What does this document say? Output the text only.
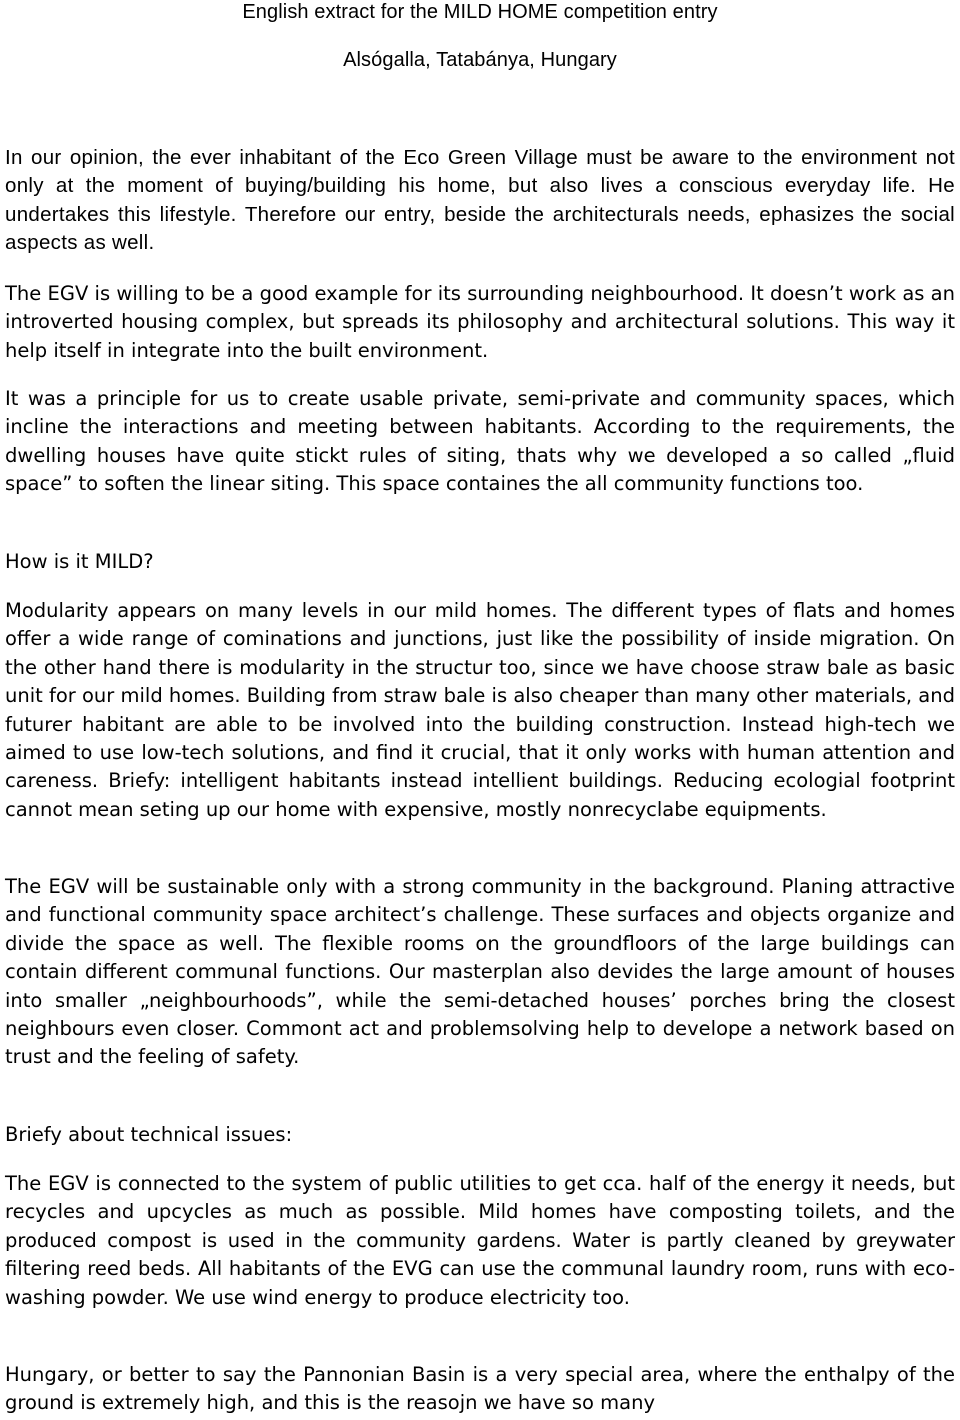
English extract for the MILD HOME competition entry
Alsógalla, Tatabánya, Hungary

In our opinion, the ever inhabitant of the Eco Green Village must be aware to the environment not only at the moment of buying/building his home, but also lives a conscious everyday life. He undertakes this lifestyle. Therefore our entry, beside the architecturals needs, ephasizes the social aspects as well.

The EGV is willing to be a good example for its surrounding neighbourhood. It doesn’t work as an introverted housing complex, but spreads its philosophy and architectural solutions. This way it help itself in integrate into the built environment.

It was a principle for us to create usable private, semi-private and community spaces, which incline the interactions and meeting between habitants. According to the requirements, the dwelling houses have quite stickt rules of siting, thats why we developed a so called „fluid space” to soften the linear siting. This space containes the all community functions too.

How is it MILD?

Modularity appears on many levels in our mild homes. The different types of flats and homes offer a wide range of cominations and junctions, just like the possibility of inside migration. On the other hand there is modularity in the structur too, since we have choose straw bale as basic unit for our mild homes. Building from straw bale is also cheaper than many other materials, and futurer habitant are able to be involved into the building construction. Instead high-tech we aimed to use low-tech solutions, and find it crucial, that it only works with human attention and careness. Briefy: intelligent habitants instead intellient buildings. Reducing ecologial footprint cannot mean seting up our home with expensive, mostly nonrecyclabe equipments.

The EGV will be sustainable only with a strong community in the background. Planing attractive and functional community space architect’s challenge. These surfaces and objects organize and divide the space as well. The flexible rooms on the groundfloors of the large buildings can contain different communal functions. Our masterplan also devides the large amount of houses into smaller „neighbourhoods”, while the semi-detached houses’ porches bring the closest neighbours even closer. Commont act and problemsolving help to develope a network based on trust and the feeling of safety.

Briefy about technical issues:

The EGV is connected to the system of public utilities to get cca. half of the energy it needs, but recycles and upcycles as much as possible. Mild homes have composting toilets, and the produced compost is used in the community gardens. Water is partly cleaned by greywater filtering reed beds. All habitants of the EVG can use the communal laundry room, runs with eco-washing powder. We use wind energy to produce electricity too.

Hungary, or better to say the Pannonian Basin is a very special area, where the enthalpy of the ground is extremely high, and this is the reasojn we have so many
